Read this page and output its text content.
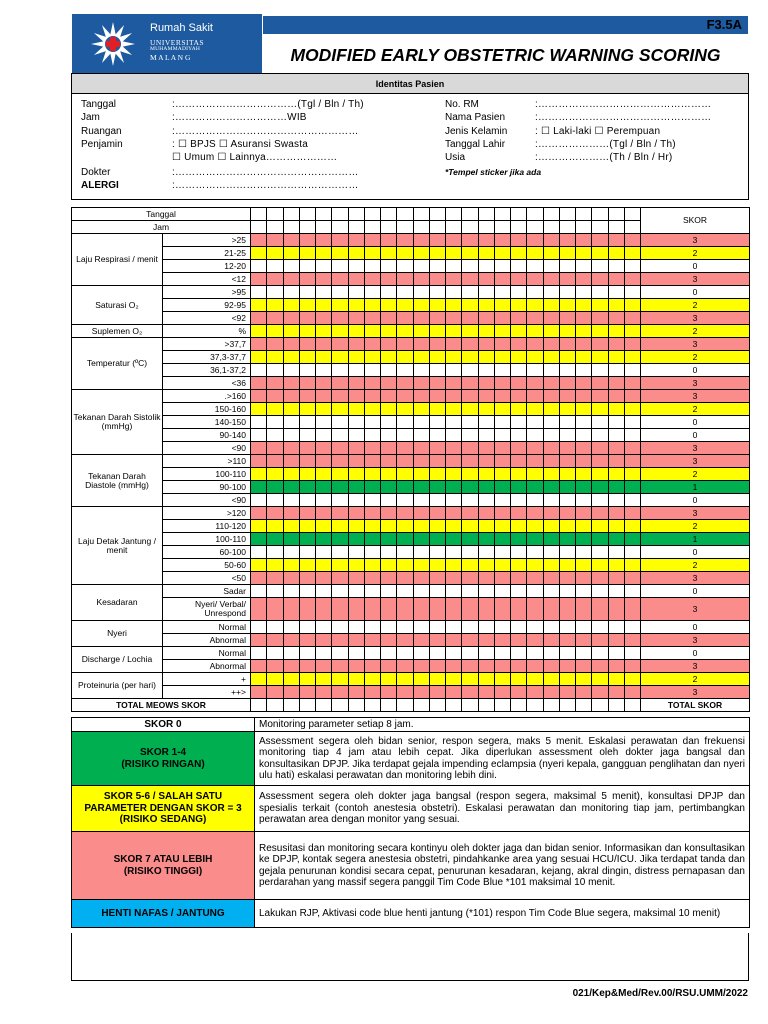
Rumah Sakit
UNIVERSITAS
MUHAMMADIYAH
M A L A N G
F3.5A
MODIFIED EARLY OBSTETRIC WARNING SCORING
Identitas Pasien
Tanggal	:………………………………(Tgl / Bln / Th)
Jam	:……………………………WIB
Ruangan	:………………………………………………
Penjamin	: ☐ BPJS ☐ Asuransi Swasta
☐ Umum ☐ Lainnya…………………
Dokter	:………………………………………………
ALERGI	:………………………………………………
No. RM	:……………………………………………
Nama Pasien	:……………………………………………
Jenis Kelamin	: ☐ Laki-laki ☐ Perempuan
Tanggal Lahir	:…………………(Tgl / Bln / Th)
Usia	:…………………(Th / Bln / Hr)
*Tempel sticker jika ada
Tanggal																										SKOR
Jam																										
Laju Respirasi / menit	>25																									3
	21-25																									2
	12-20																									0
	<12																									3
Saturasi O₂	>95																									0
	92-95																									2
	<92																									3
Suplemen O₂	%																									2
Temperatur (ºC)	>37,7																									3
	37,3-37,7																									2
	36,1-37,2																									0
	<36																									3
Tekanan Darah Sistolik (mmHg)	.>160																									3
	150-160																									2
	140-150																									0
	90-140																									0
	<90																									3
Tekanan Darah Diastole (mmHg)	>110																									3
	100-110																									2
	90-100																									1
	<90																									0
Laju Detak Jantung / menit	>120																									3
	110-120																									2
	100-110																									1
	60-100																									0
	50-60																									2
	<50																									3
Kesadaran	Sadar																									0
	Nyeri/ Verbal/ Unrespond																									3
Nyeri	Normal																									0
	Abnormal																									3
Discharge / Lochia	Normal																									0
	Abnormal																									3
Proteinuria (per hari)	+																									2
	++>																									3
TOTAL MEOWS SKOR																										TOTAL SKOR
SKOR 0	Monitoring parameter setiap 8 jam.
SKOR 1-4
(RISIKO RINGAN)	Assessment segera oleh bidan senior, respon segera, maks 5 menit. Eskalasi perawatan dan frekuensi monitoring tiap 4 jam atau lebih cepat. Jika diperlukan assessment oleh dokter jaga bangsal dan konsultasikan DPJP. Jika terdapat gejala impending eclampsia (nyeri kepala, gangguan penglihatan dan nyeri ulu hati) eskalasi perawatan dan monitoring lebih dini.
SKOR 5-6 / SALAH SATU PARAMETER DENGAN SKOR = 3
(RISIKO SEDANG)	Assessment segera oleh dokter jaga bangsal (respon segera, maksimal 5 menit), konsultasi DPJP dan spesialis terkait (contoh anestesia obstetri). Eskalasi perawatan dan monitoring tiap jam, pertimbangkan perawatan area dengan monitor yang sesuai.
SKOR 7 ATAU LEBIH
(RISIKO TINGGI)	Resusitasi dan monitoring secara kontinyu oleh dokter jaga dan bidan senior. Informasikan dan konsultasikan ke DPJP, kontak segera anestesia obstetri, pindahkanke area yang sesuai HCU/ICU. Jika terdapat tanda dan gejala penurunan kondisi secara cepat, penurunan kesadaran, kejang, akral dingin, distress pernapasan dan perdarahan yang massif segera panggil Tim Code Blue *101 maksimal 10 menit.
HENTI NAFAS / JANTUNG	Lakukan RJP, Aktivasi code blue henti jantung (*101) respon Tim Code Blue segera, maksimal 10 menit)
021/Kep&Med/Rev.00/RSU.UMM/2022
